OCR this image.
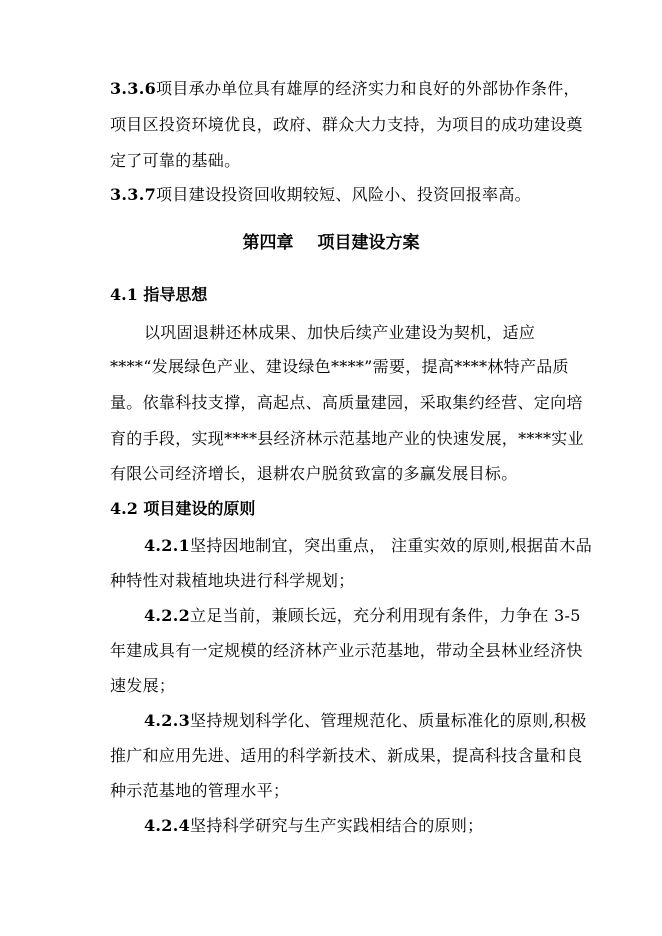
3.3.6项目承办单位具有雄厚的经济实力和良好的外部协作条件，
项目区投资环境优良，政府、群众大力支持，为项目的成功建设奠
定了可靠的基础。
3.3.7项目建设投资回收期较短、风险小、投资回报率高。
第四章 项目建设方案
4.1 指导思想
以巩固退耕还林成果、加快后续产业建设为契机，适应
****“发展绿色产业、建设绿色****”需要，提高****林特产品质
量。依靠科技支撑，高起点、高质量建园，采取集约经营、定向培
育的手段，实现****县经济林示范基地产业的快速发展，****实业
有限公司经济增长，退耕农户脱贫致富的多赢发展目标。
4.2 项目建设的原则
4.2.1坚持因地制宜，突出重点， 注重实效的原则,根据苗木品
种特性对栽植地块进行科学规划；
4.2.2立足当前，兼顾长远，充分利用现有条件，力争在 3-5
年建成具有一定规模的经济林产业示范基地，带动全县林业经济快
速发展；
4.2.3坚持规划科学化、管理规范化、质量标准化的原则,积极
推广和应用先进、适用的科学新技术、新成果，提高科技含量和良
种示范基地的管理水平；
4.2.4坚持科学研究与生产实践相结合的原则；
